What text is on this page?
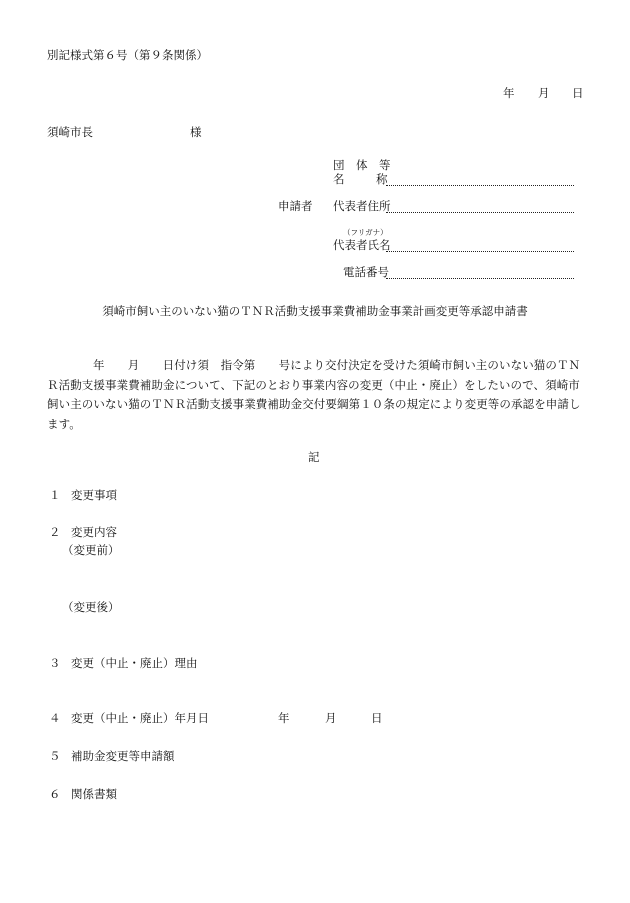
別記様式第６号（第９条関係）
年 月 日
須崎市長	様
団　体　等
名	称
申請者 代表者住所
（フリガナ）
代表者氏名
電話番号
須崎市飼い主のいない猫のＴＮＲ活動支援事業費補助金事業計画変更等承認申請書
年　　月　　日付け須　指令第　　号により交付決定を受けた須崎市飼い主のいない猫のＴＮＲ活動支援事業費補助金について、下記のとおり事業内容の変更（中止・廃止）をしたいので、須崎市飼い主のいない猫のＴＮＲ活動支援事業費補助金交付要綱第１０条の規定により変更等の承認を申請します。
記
１ 変更事項
２ 変更内容
（変更前）
（変更後）
３ 変更（中止・廃止）理由
４ 変更（中止・廃止）年月日	年	月	日
５ 補助金変更等申請額
６ 関係書類
